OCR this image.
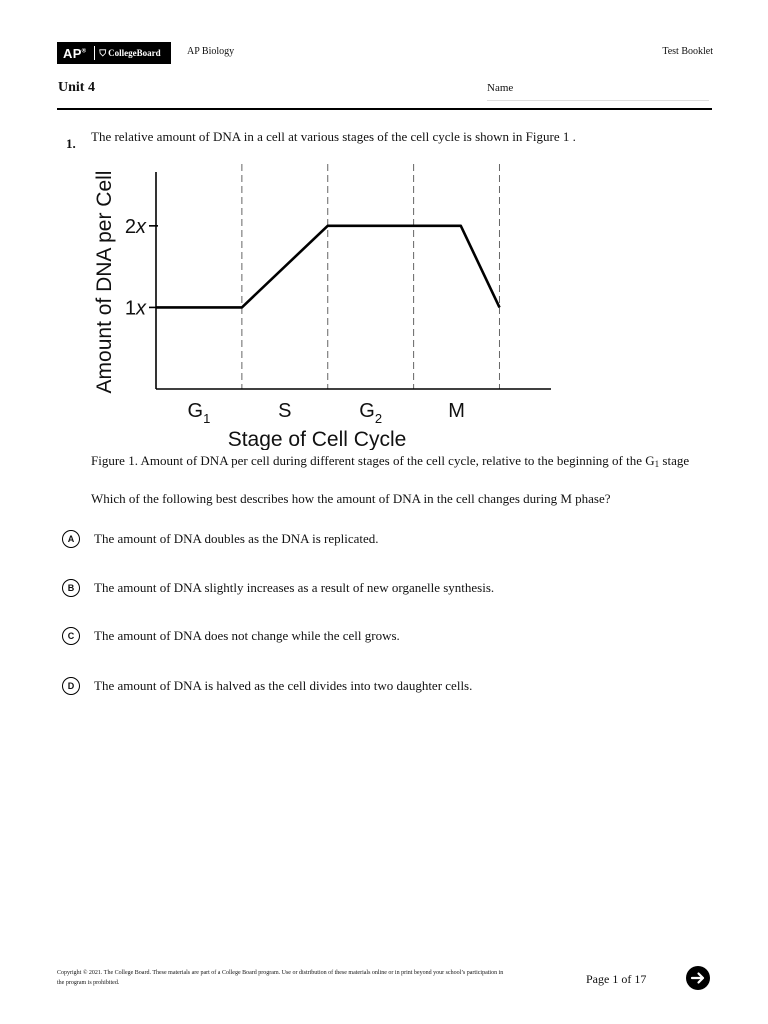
AP®	⛉ CollegeBoard	AP Biology	Test Booklet
Unit 4	Name
1. The relative amount of DNA in a cell at various stages of the cell cycle is shown in Figure 1 .
1x
2x
$G_1$	S	$G_2$	M
Amount of DNA per Cell
Stage of Cell Cycle
Figure 1. Amount of DNA per cell during different stages of the cell cycle, relative to the beginning of the $G_1$ stage
Which of the following best describes how the amount of DNA in the cell changes during M phase?
A	The amount of DNA doubles as the DNA is replicated.
B	The amount of DNA slightly increases as a result of new organelle synthesis.
C	The amount of DNA does not change while the cell grows.
D	The amount of DNA is halved as the cell divides into two daughter cells.
Copyright © 2021. The College Board. These materials are part of a College Board program. Use or distribution of these materials online or in print beyond your school’s participation in the program is prohibited.	Page 1 of 17
